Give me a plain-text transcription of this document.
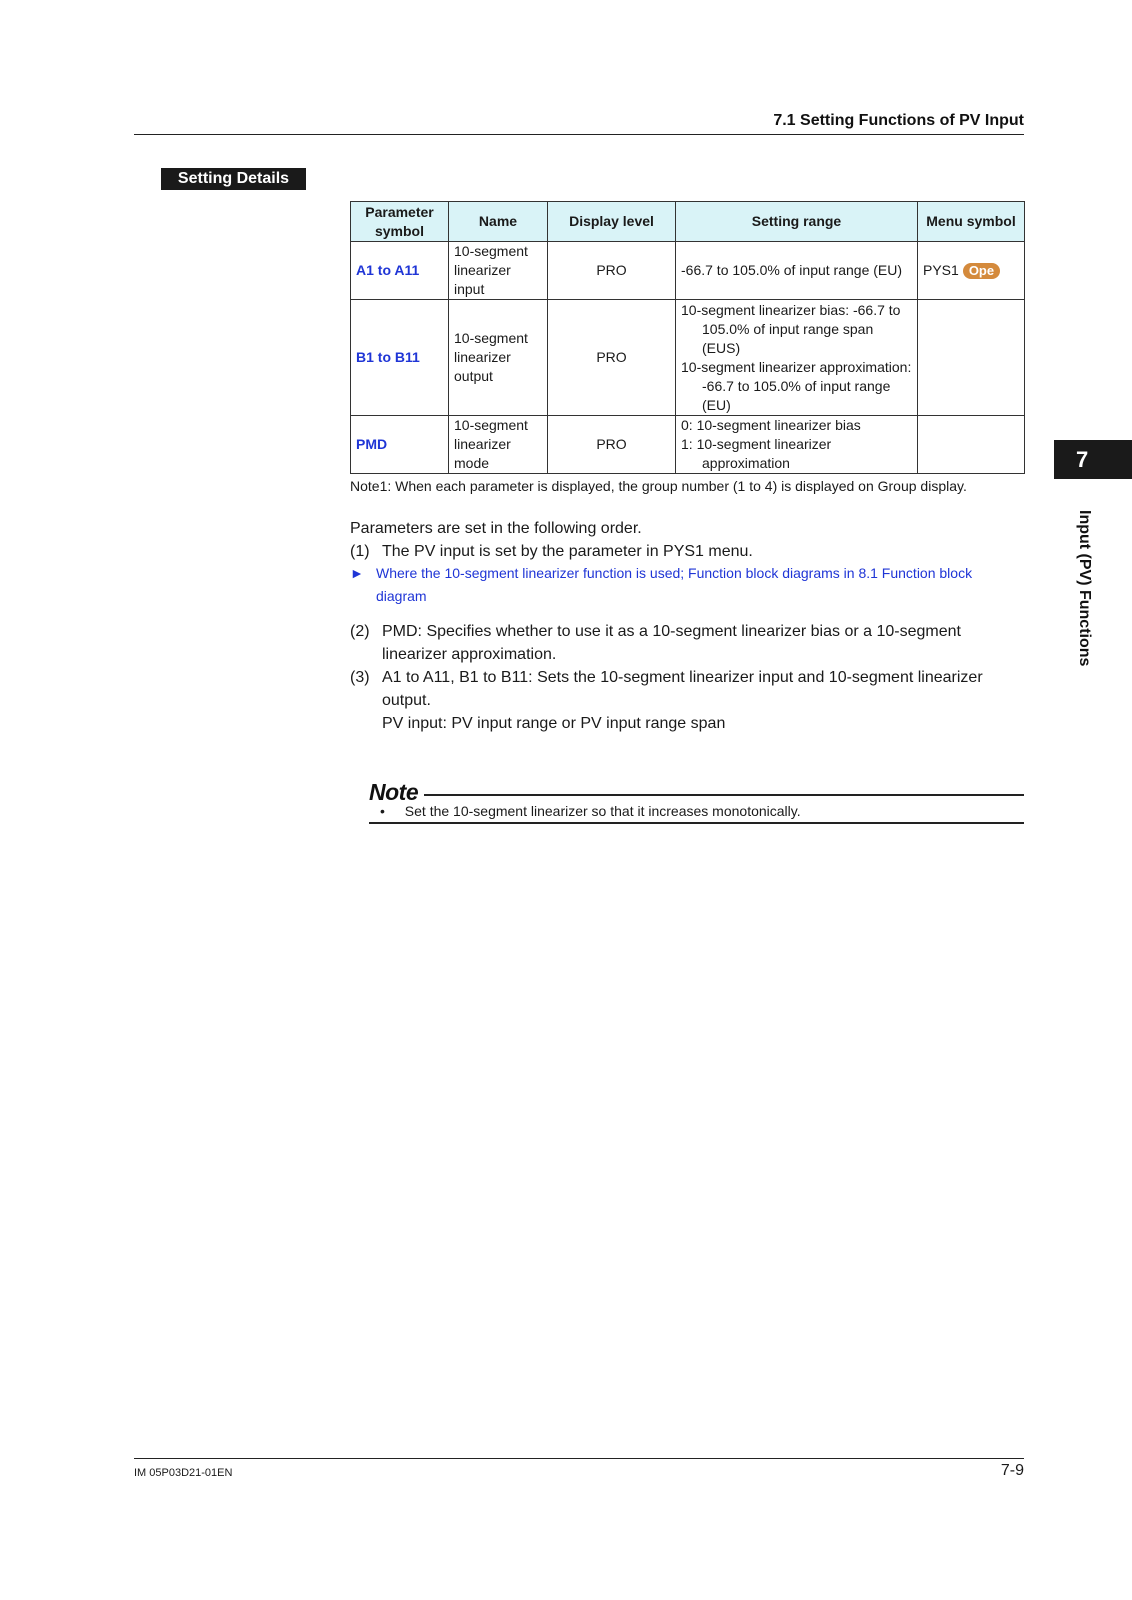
7.1 Setting Functions of PV Input
Setting Details
Parameter symbol	Name	Display level	Setting range	Menu symbol
A1 to A11	10-segment linearizer input	PRO	-66.7 to 105.0% of input range (EU)	PYS1 Ope
B1 to B11	10-segment linearizer output	PRO	10-segment linearizer bias: -66.7 to 105.0% of input range span (EUS)
10-segment linearizer approximation: -66.7 to 105.0% of input range (EU)	

PMD	10-segment linearizer mode	PRO	0: 10-segment linearizer bias
1: 10-segment linearizer approximation	

Note1: When each parameter is displayed, the group number (1 to 4) is displayed on Group display.
Parameters are set in the following order.
(1) The PV input is set by the parameter in PYS1 menu.
► Where the 10-segment linearizer function is used; Function block diagrams in 8.1 Function block diagram
(2) PMD: Specifies whether to use it as a 10-segment linearizer bias or a 10-segment linearizer approximation.
(3) A1 to A11, B1 to B11: Sets the 10-segment linearizer input and 10-segment linearizer output.
PV input: PV input range or PV input range span
Note
• Set the 10-segment linearizer so that it increases monotonically.
7
Input (PV) Functions
IM 05P03D21-01EN	7-9
